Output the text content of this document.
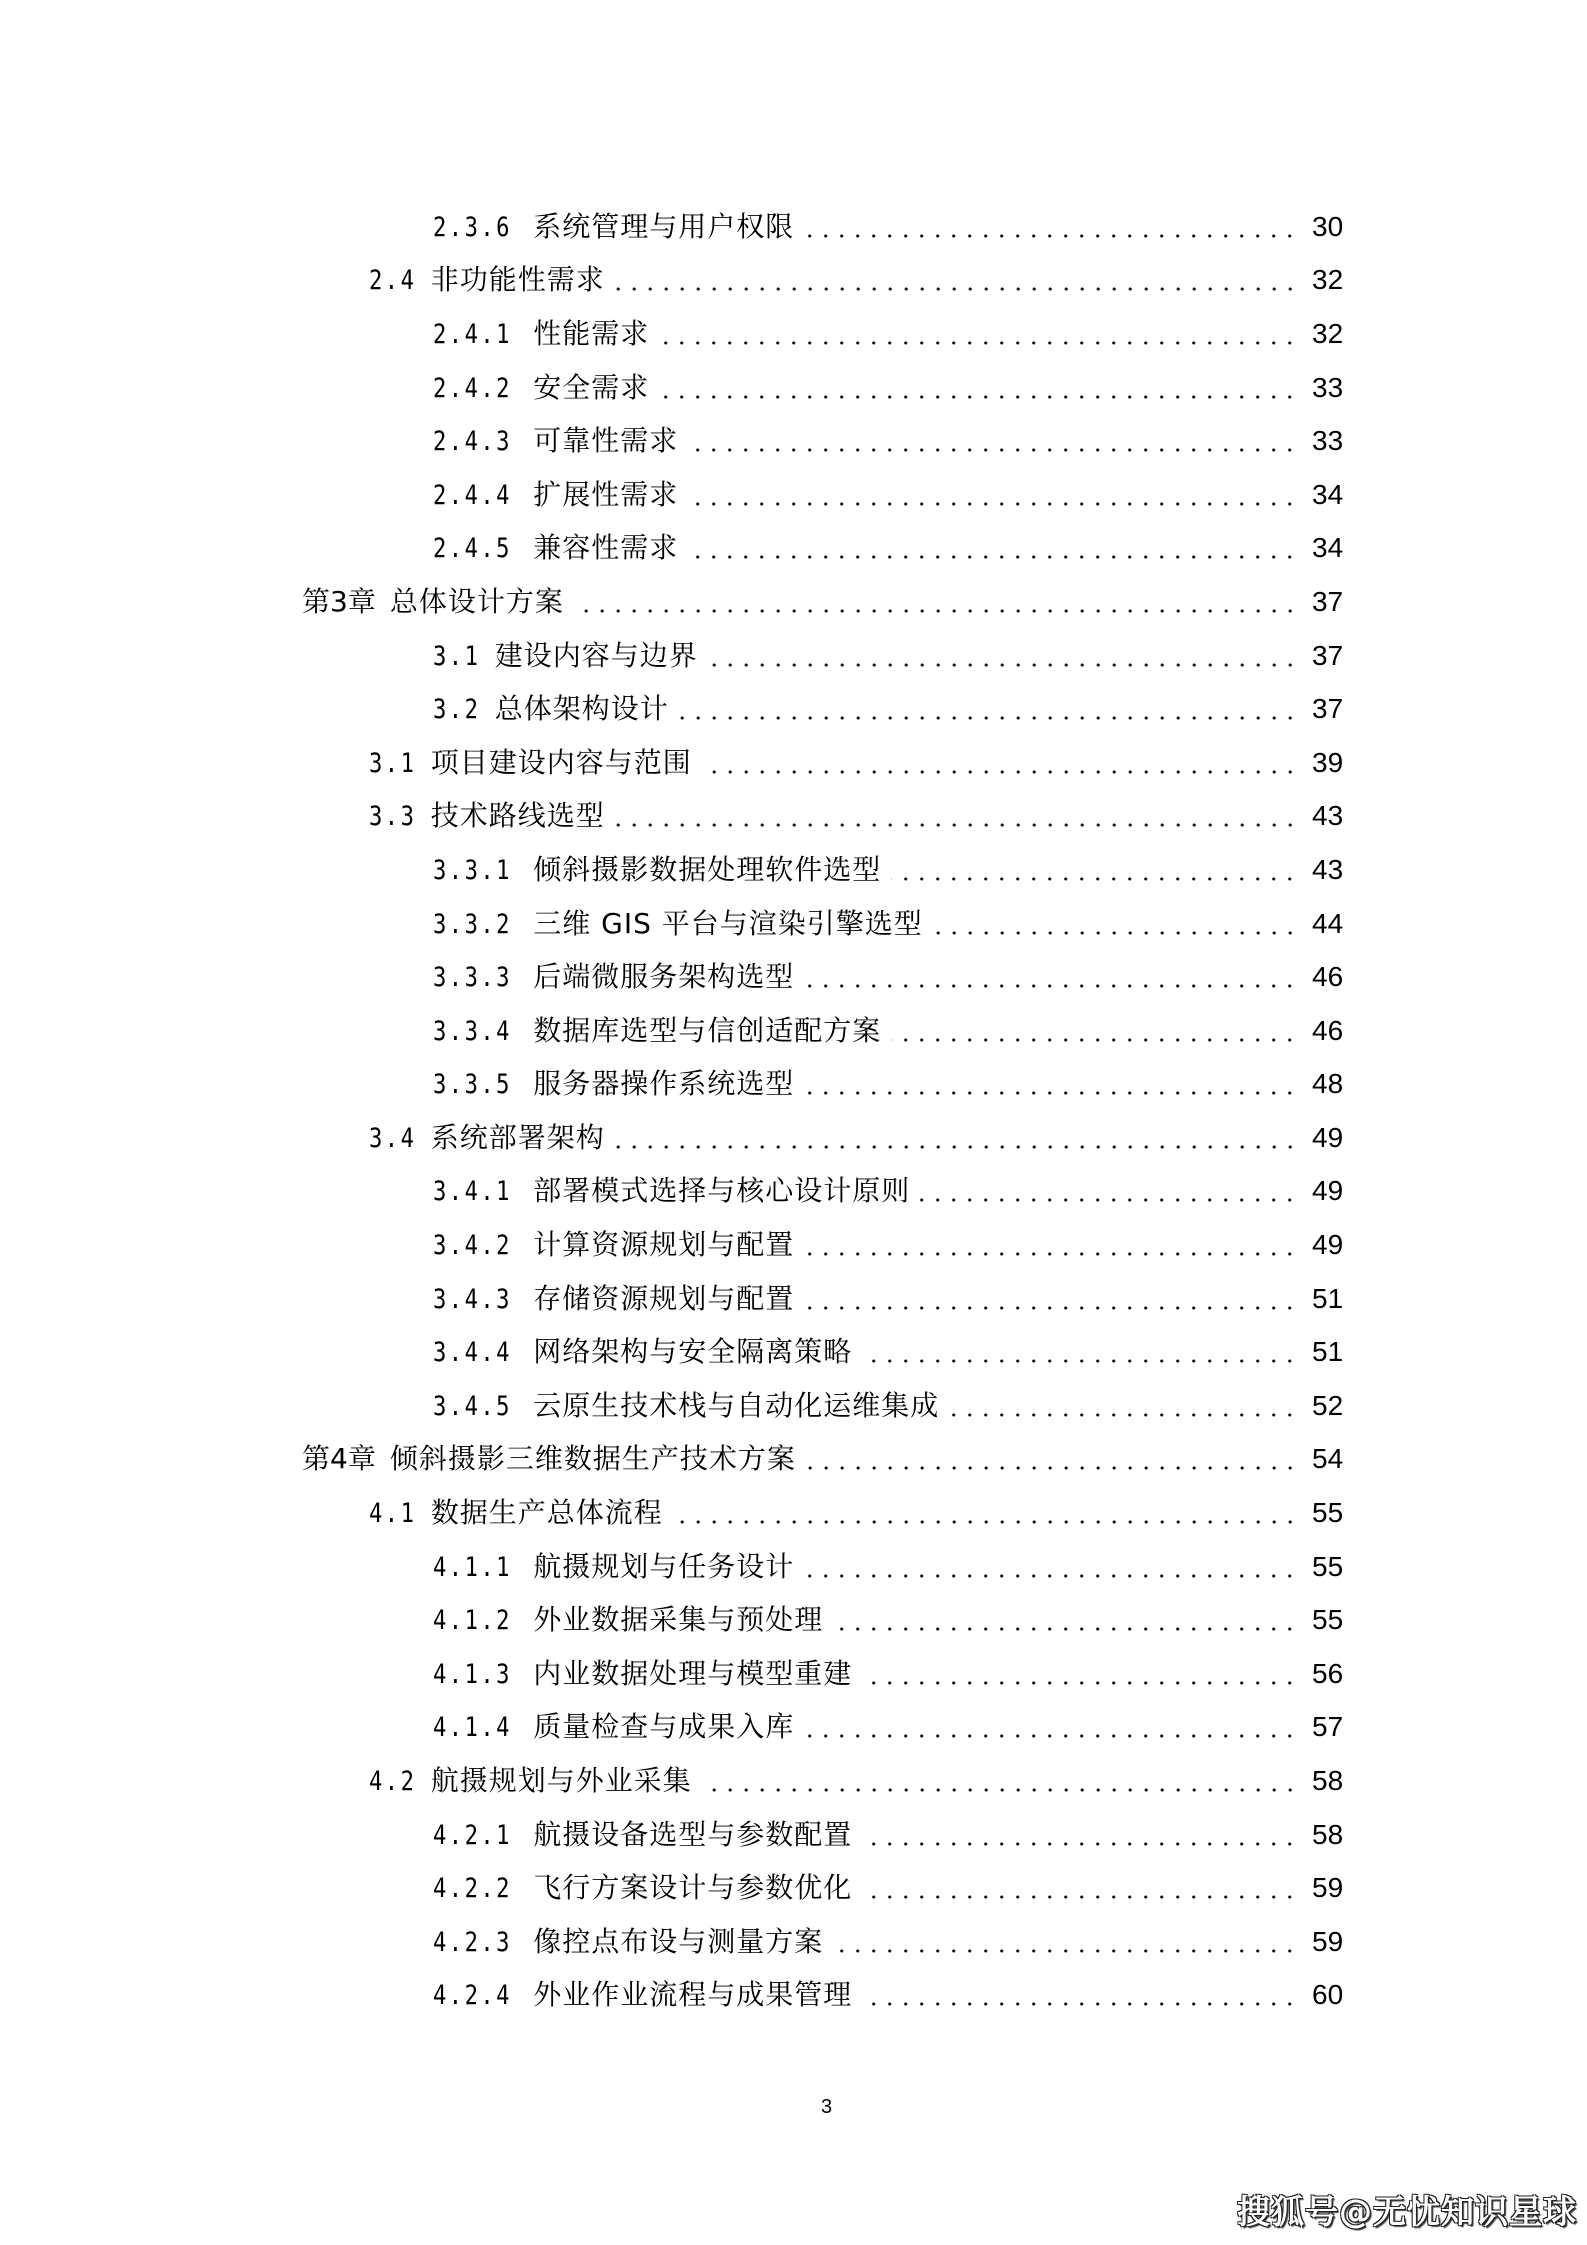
2.3.6 系统管理与用户权限	30
2.4 非功能性需求	32
2.4.1 性能需求	32
2.4.2 安全需求	33
2.4.3 可靠性需求	33
2.4.4 扩展性需求	34
2.4.5 兼容性需求	34
第3章 总体设计方案	37
3.1 建设内容与边界	37
3.2 总体架构设计	37
3.1 项目建设内容与范围	39
3.3 技术路线选型	43
3.3.1 倾斜摄影数据处理软件选型	43
3.3.2 三维 GIS 平台与渲染引擎选型	44
3.3.3 后端微服务架构选型	46
3.3.4 数据库选型与信创适配方案	46
3.3.5 服务器操作系统选型	48
3.4 系统部署架构	49
3.4.1 部署模式选择与核心设计原则	49
3.4.2 计算资源规划与配置	49
3.4.3 存储资源规划与配置	51
3.4.4 网络架构与安全隔离策略	51
3.4.5 云原生技术栈与自动化运维集成	52
第4章 倾斜摄影三维数据生产技术方案	54
4.1 数据生产总体流程	55
4.1.1 航摄规划与任务设计	55
4.1.2 外业数据采集与预处理	55
4.1.3 内业数据处理与模型重建	56
4.1.4 质量检查与成果入库	57
4.2 航摄规划与外业采集	58
4.2.1 航摄设备选型与参数配置	58
4.2.2 飞行方案设计与参数优化	59
4.2.3 像控点布设与测量方案	59
4.2.4 外业作业流程与成果管理	60
3
搜狐号@无忧知识星球
